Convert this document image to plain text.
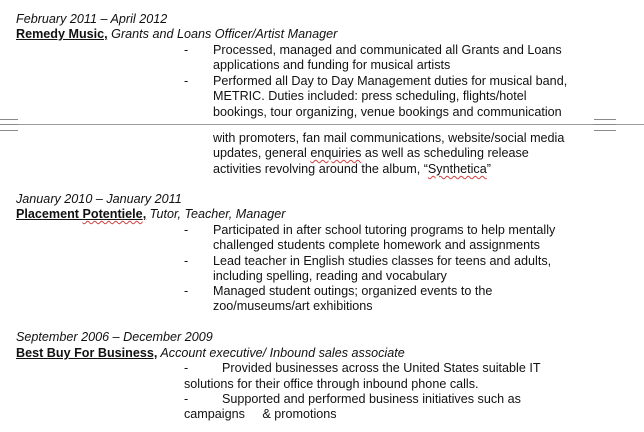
February 2011 – April 2012
Remedy Music, Grants and Loans Officer/Artist Manager
- Processed, managed and communicated all Grants and Loans
applications and funding for musical artists
- Performed all Day to Day Management duties for musical band,
METRIC. Duties included: press scheduling, flights/hotel
bookings, tour organizing, venue bookings and communication
with promoters, fan mail communications, website/social media
updates, general enquiries as well as scheduling release
activities revolving around the album, “Synthetica”
January 2010 – January 2011
Placement Potentiele, Tutor, Teacher, Manager
- Participated in after school tutoring programs to help mentally
challenged students complete homework and assignments
- Lead teacher in English studies classes for teens and adults,
including spelling, reading and vocabulary
- Managed student outings; organized events to the
zoo/museums/art exhibitions
September 2006 – December 2009
Best Buy For Business, Account executive/ Inbound sales associate
-	Provided businesses across the United States suitable IT
solutions for their office through inbound phone calls.
-	Supported and performed business initiatives such as
campaigns     & promotions
